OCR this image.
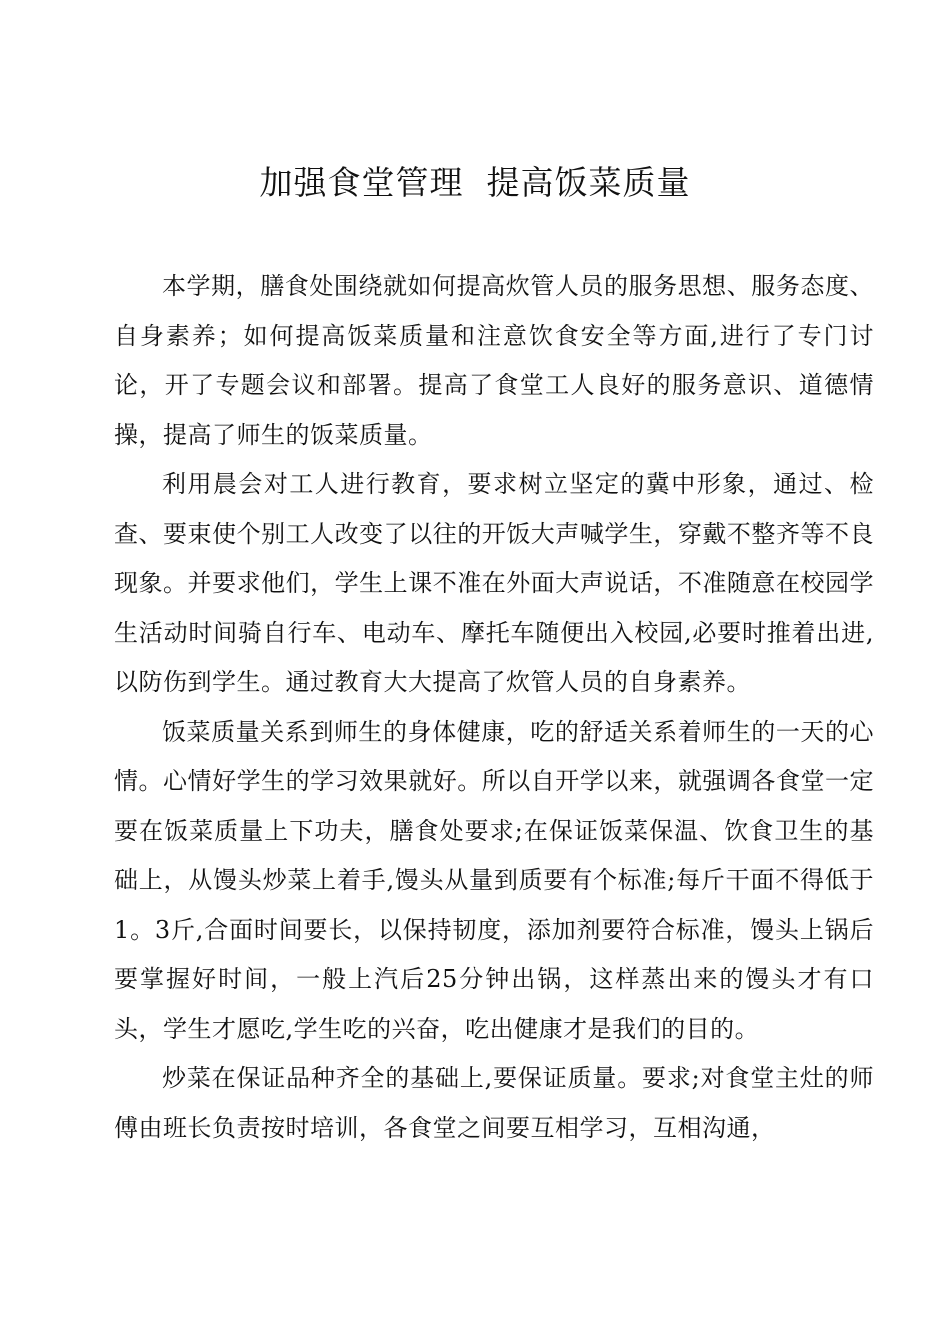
加强食堂管理  提高饭菜质量

本学期，膳食处围绕就如何提高炊管人员的服务思想、服务态度、自身素养；如何提高饭菜质量和注意饮食安全等方面,进行了专门讨论，开了专题会议和部署。提高了食堂工人良好的服务意识、道德情操，提高了师生的饭菜质量。

利用晨会对工人进行教育，要求树立坚定的冀中形象，通过、检查、要束使个别工人改变了以往的开饭大声喊学生，穿戴不整齐等不良现象。并要求他们，学生上课不准在外面大声说话，不准随意在校园学生活动时间骑自行车、电动车、摩托车随便出入校园,必要时推着出进,以防伤到学生。通过教育大大提高了炊管人员的自身素养。

饭菜质量关系到师生的身体健康，吃的舒适关系着师生的一天的心情。心情好学生的学习效果就好。所以自开学以来，就强调各食堂一定要在饭菜质量上下功夫，膳食处要求;在保证饭菜保温、饮食卫生的基础上，从馒头炒菜上着手,馒头从量到质要有个标准;每斤干面不得低于1。3斤,合面时间要长，以保持韧度，添加剂要符合标准，馒头上锅后要掌握好时间，一般上汽后25分钟出锅，这样蒸出来的馒头才有口头，学生才愿吃,学生吃的兴奋，吃出健康才是我们的目的。

炒菜在保证品种齐全的基础上,要保证质量。要求;对食堂主灶的师傅由班长负责按时培训，各食堂之间要互相学习，互相沟通，
